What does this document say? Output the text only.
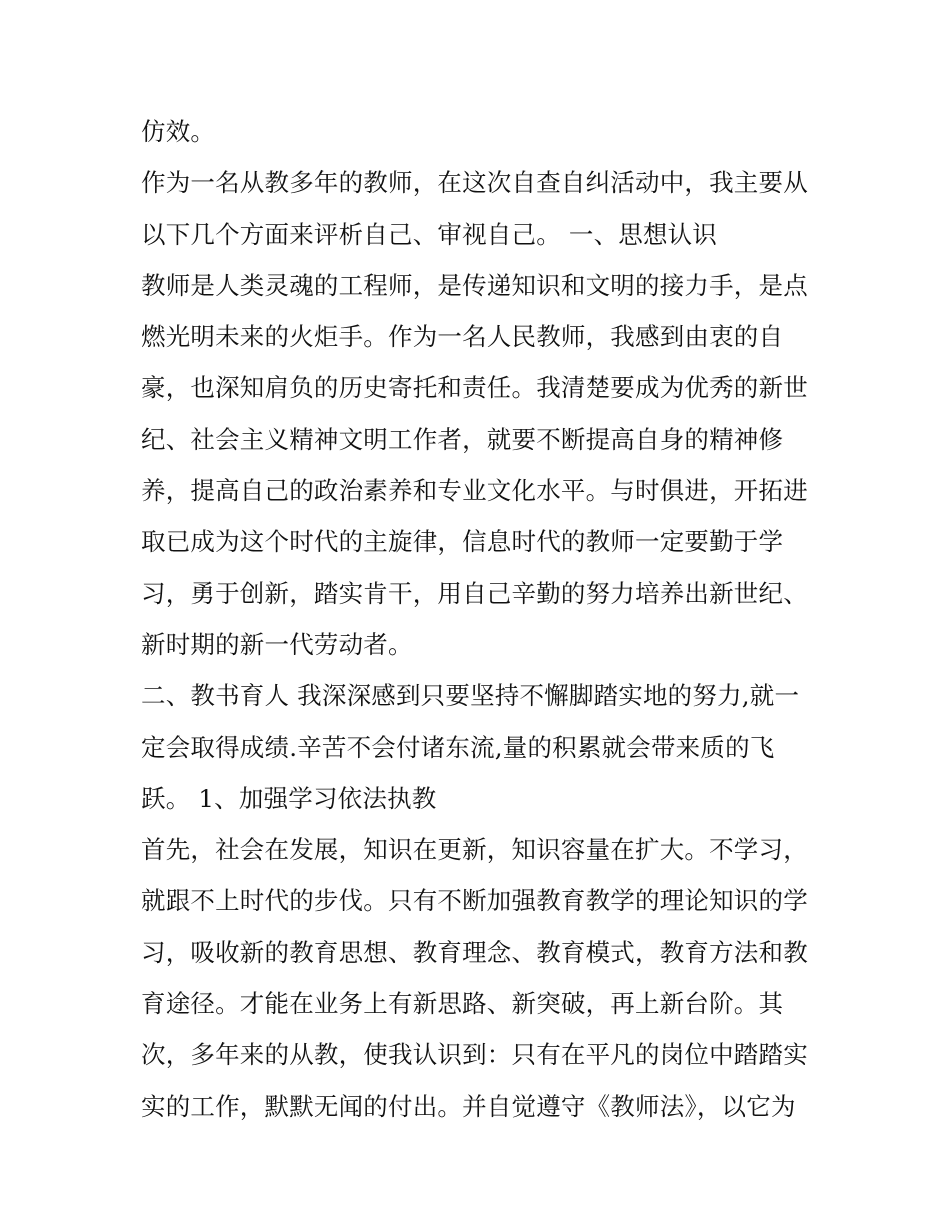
仿效。
作为一名从教多年的教师，在这次自查自纠活动中，我主要从
以下几个方面来评析自己、审视自己。 一、思想认识
教师是人类灵魂的工程师，是传递知识和文明的接力手，是点
燃光明未来的火炬手。作为一名人民教师，我感到由衷的自
豪，也深知肩负的历史寄托和责任。我清楚要成为优秀的新世
纪、社会主义精神文明工作者，就要不断提高自身的精神修
养，提高自己的政治素养和专业文化水平。与时俱进，开拓进
取已成为这个时代的主旋律，信息时代的教师一定要勤于学
习，勇于创新，踏实肯干，用自己辛勤的努力培养出新世纪、
新时期的新一代劳动者。
二、教书育人 我深深感到只要坚持不懈脚踏实地的努力,就一
定会取得成绩.辛苦不会付诸东流,量的积累就会带来质的飞
跃。 1、加强学习依法执教
首先，社会在发展，知识在更新，知识容量在扩大。不学习，
就跟不上时代的步伐。只有不断加强教育教学的理论知识的学
习，吸收新的教育思想、教育理念、教育模式，教育方法和教
育途径。才能在业务上有新思路、新突破，再上新台阶。其
次，多年来的从教，使我认识到：只有在平凡的岗位中踏踏实
实的工作，默默无闻的付出。并自觉遵守《教师法》，以它为
